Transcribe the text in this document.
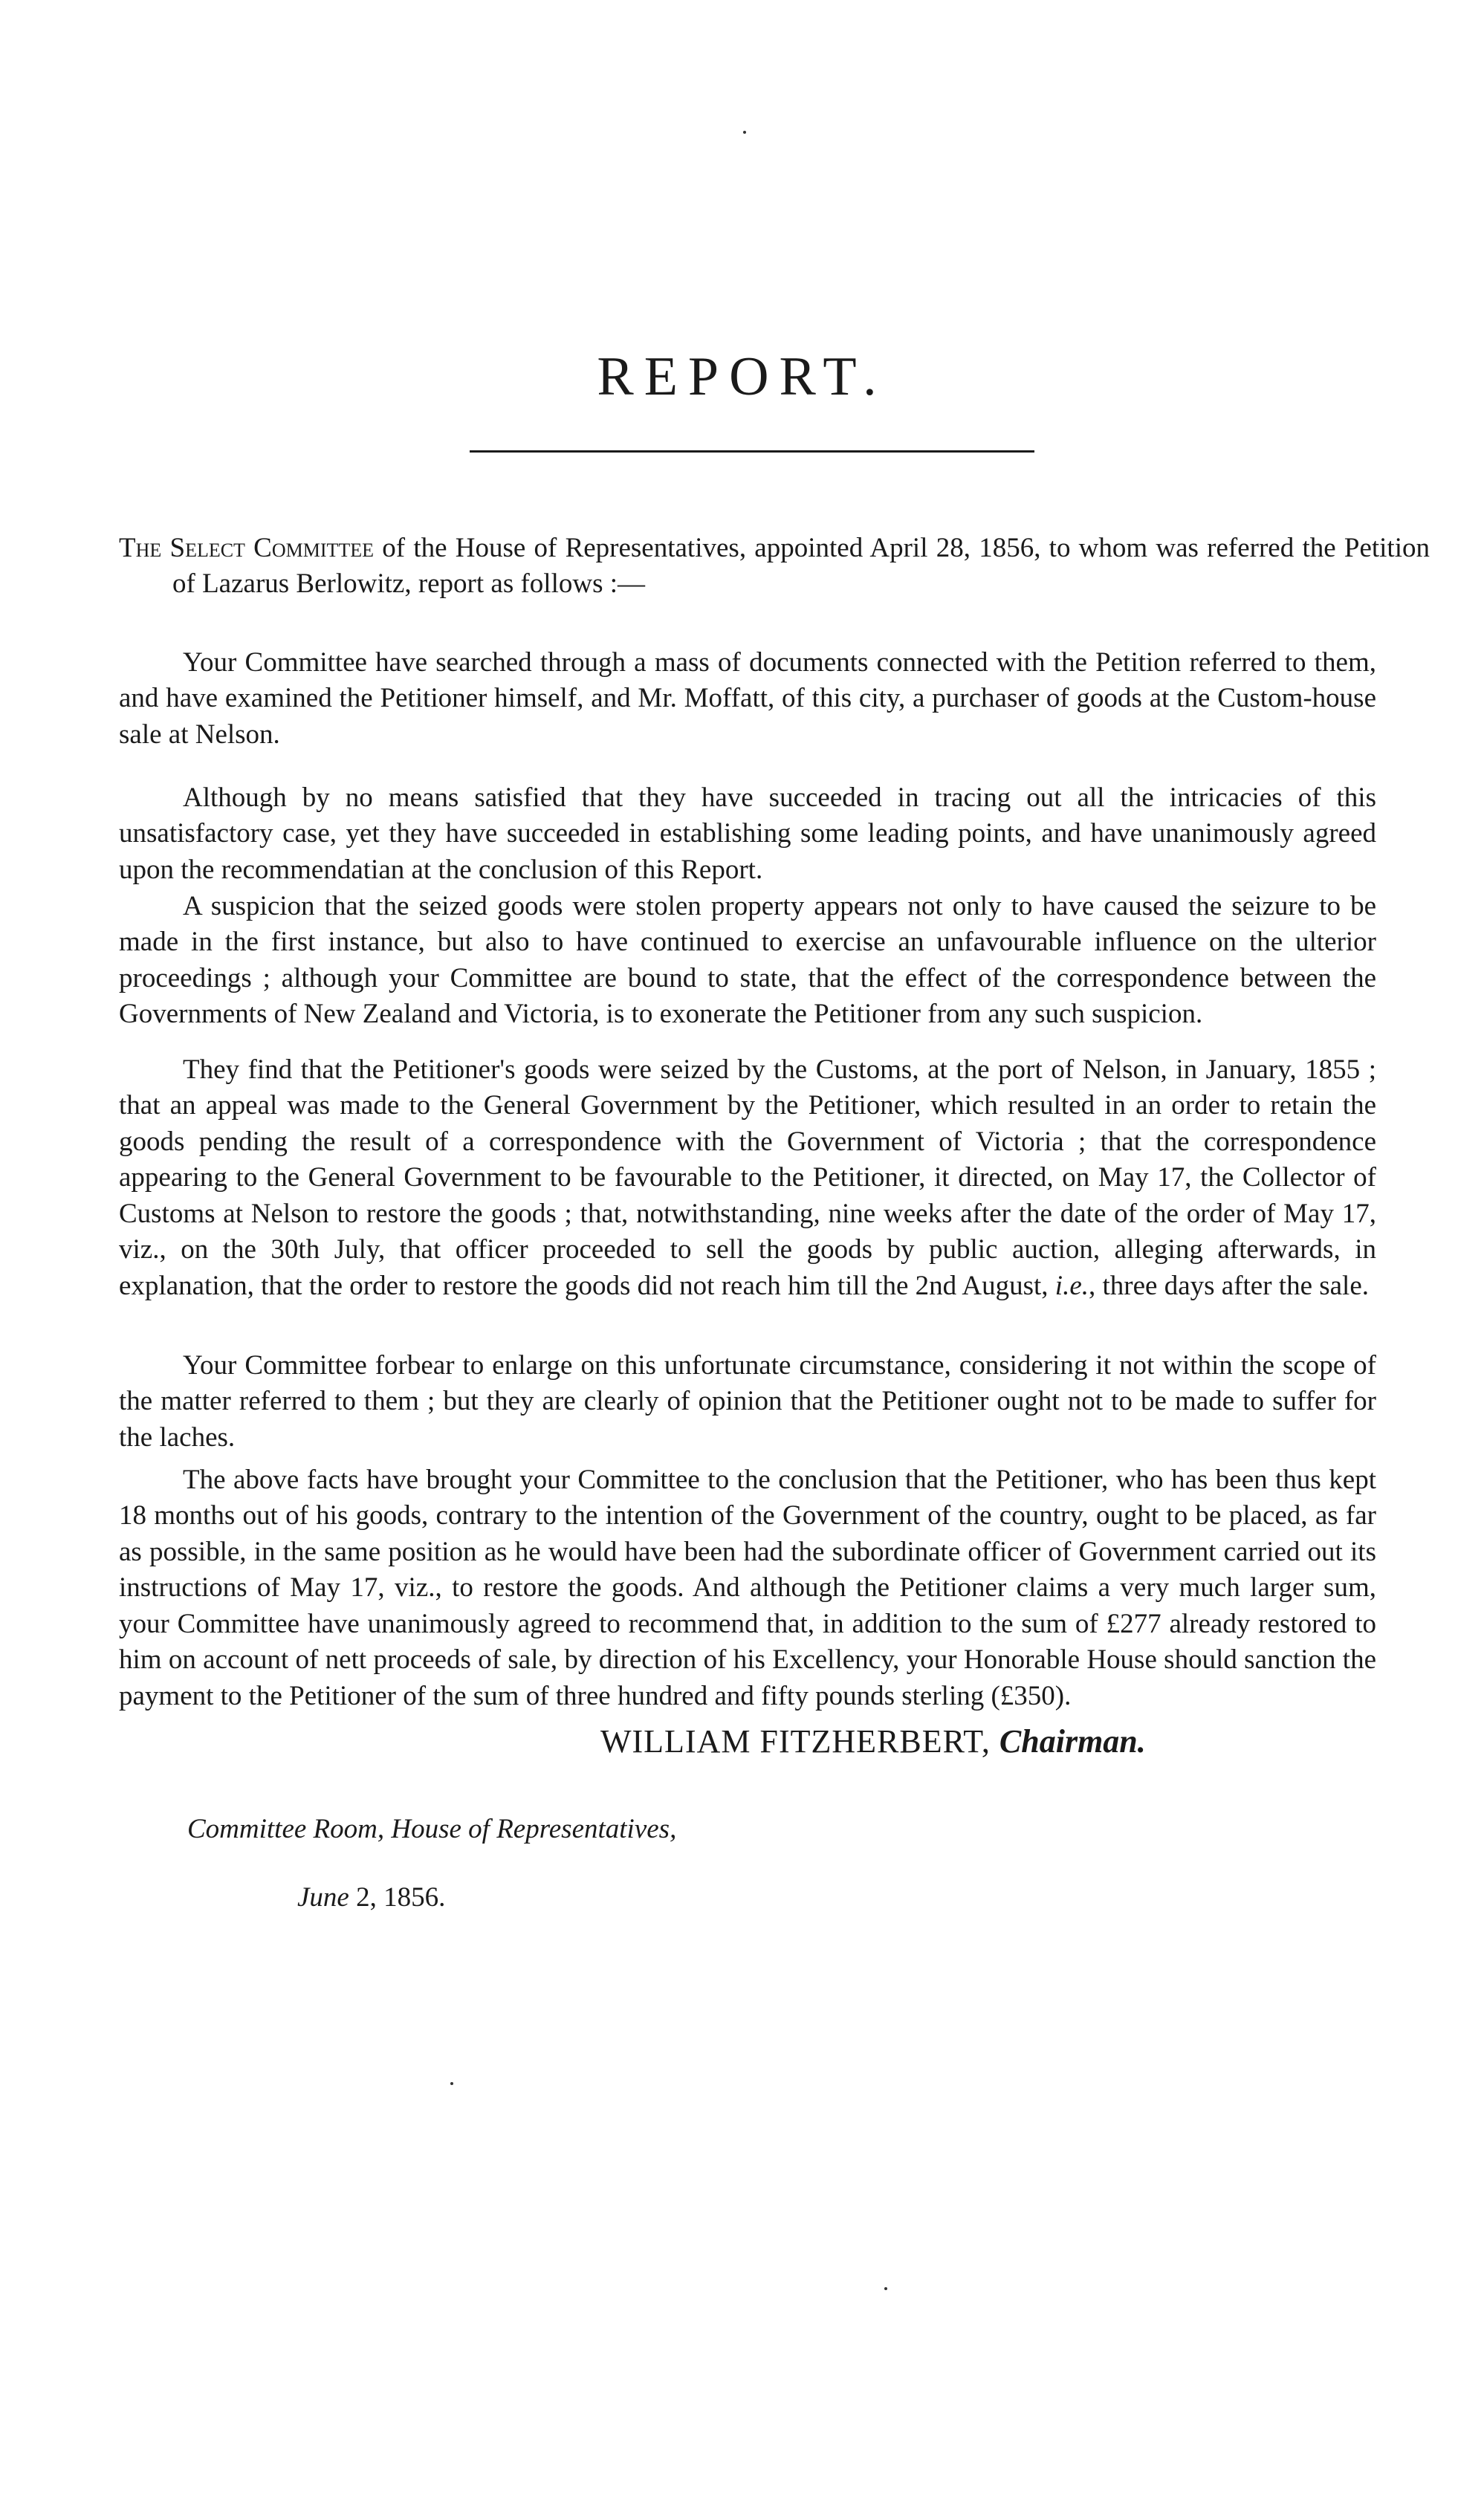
REPORT.

The Select Committee of the House of Representatives, appointed April 28, 1856, to whom was referred the Petition of Lazarus Berlowitz, report as follows :—

Your Committee have searched through a mass of documents connected with the Petition referred to them, and have examined the Petitioner himself, and Mr. Moffatt, of this city, a purchaser of goods at the Custom-house sale at Nelson.

Although by no means satisfied that they have succeeded in tracing out all the intricacies of this unsatisfactory case, yet they have succeeded in establishing some leading points, and have unanimously agreed upon the recommendatian at the conclusion of this Report.

A suspicion that the seized goods were stolen property appears not only to have caused the seizure to be made in the first instance, but also to have continued to exercise an unfavourable influence on the ulterior proceedings ; although your Committee are bound to state, that the effect of the correspondence between the Governments of New Zealand and Victoria, is to exonerate the Petitioner from any such suspicion.

They find that the Petitioner's goods were seized by the Customs, at the port of Nelson, in January, 1855 ; that an appeal was made to the General Government by the Petitioner, which resulted in an order to retain the goods pending the result of a correspondence with the Government of Victoria ; that the correspondence appearing to the General Government to be favourable to the Petitioner, it directed, on May 17, the Collector of Customs at Nelson to restore the goods ; that, notwithstanding, nine weeks after the date of the order of May 17, viz., on the 30th July, that officer proceeded to sell the goods by public auction, alleging afterwards, in explanation, that the order to restore the goods did not reach him till the 2nd August, i.e., three days after the sale.

Your Committee forbear to enlarge on this unfortunate circumstance, considering it not within the scope of the matter referred to them ; but they are clearly of opinion that the Petitioner ought not to be made to suffer for the laches.

The above facts have brought your Committee to the conclusion that the Petitioner, who has been thus kept 18 months out of his goods, contrary to the intention of the Government of the country, ought to be placed, as far as possible, in the same position as he would have been had the subordinate officer of Government carried out its instructions of May 17, viz., to restore the goods. And although the Petitioner claims a very much larger sum, your Committee have unanimously agreed to recommend that, in addition to the sum of £277 already restored to him on account of nett proceeds of sale, by direction of his Excellency, your Honorable House should sanction the payment to the Petitioner of the sum of three hundred and fifty pounds sterling (£350).

WILLIAM FITZHERBERT, Chairman.
Committee Room, House of Representatives,
June 2, 1856.
